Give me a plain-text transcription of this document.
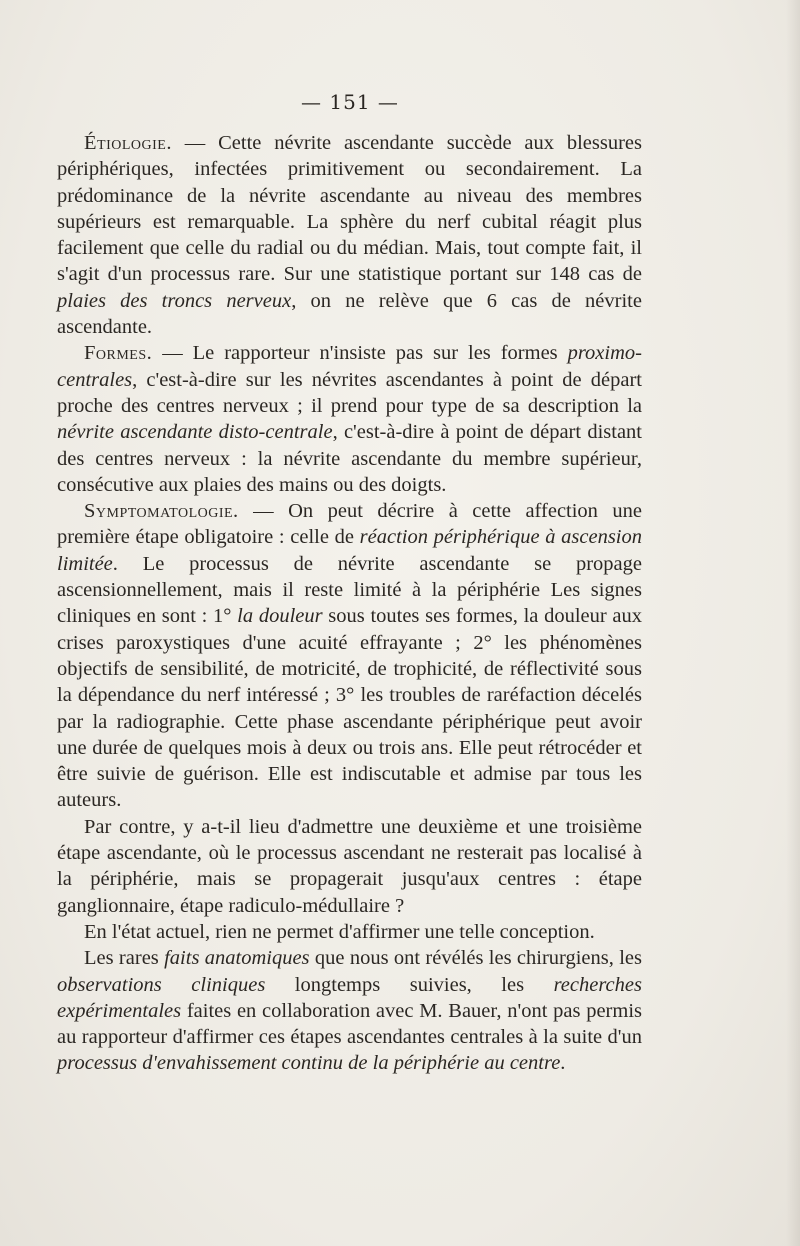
— 151 —

Étiologie. — Cette névrite ascendante succède aux blessures périphériques, infectées primitivement ou secondairement. La prédominance de la névrite ascendante au niveau des membres supérieurs est remarquable. La sphère du nerf cubital réagit plus facilement que celle du radial ou du médian. Mais, tout compte fait, il s'agit d'un processus rare. Sur une statistique portant sur 148 cas de plaies des troncs nerveux, on ne relève que 6 cas de névrite ascendante.

Formes. — Le rapporteur n'insiste pas sur les formes proximo-centrales, c'est-à-dire sur les névrites ascendantes à point de départ proche des centres nerveux ; il prend pour type de sa description la névrite ascendante disto-centrale, c'est-à-dire à point de départ distant des centres nerveux : la névrite ascendante du membre supérieur, consécutive aux plaies des mains ou des doigts.

Symptomatologie. — On peut décrire à cette affection une première étape obligatoire : celle de réaction périphérique à ascension limitée. Le processus de névrite ascendante se propage ascensionnellement, mais il reste limité à la périphérie Les signes cliniques en sont : 1° la douleur sous toutes ses formes, la douleur aux crises paroxystiques d'une acuité effrayante ; 2° les phénomènes objectifs de sensibilité, de motricité, de trophicité, de réflectivité sous la dépendance du nerf intéressé ; 3° les troubles de raréfaction décelés par la radiographie. Cette phase ascendante périphérique peut avoir une durée de quelques mois à deux ou trois ans. Elle peut rétrocéder et être suivie de guérison. Elle est indiscutable et admise par tous les auteurs.

Par contre, y a-t-il lieu d'admettre une deuxième et une troisième étape ascendante, où le processus ascendant ne resterait pas localisé à la périphérie, mais se propagerait jusqu'aux centres : étape ganglionnaire, étape radiculo-médullaire ?

En l'état actuel, rien ne permet d'affirmer une telle conception.

Les rares faits anatomiques que nous ont révélés les chirurgiens, les observations cliniques longtemps suivies, les recherches expérimentales faites en collaboration avec M. Bauer, n'ont pas permis au rapporteur d'affirmer ces étapes ascendantes centrales à la suite d'un processus d'envahissement continu de la périphérie au centre.
